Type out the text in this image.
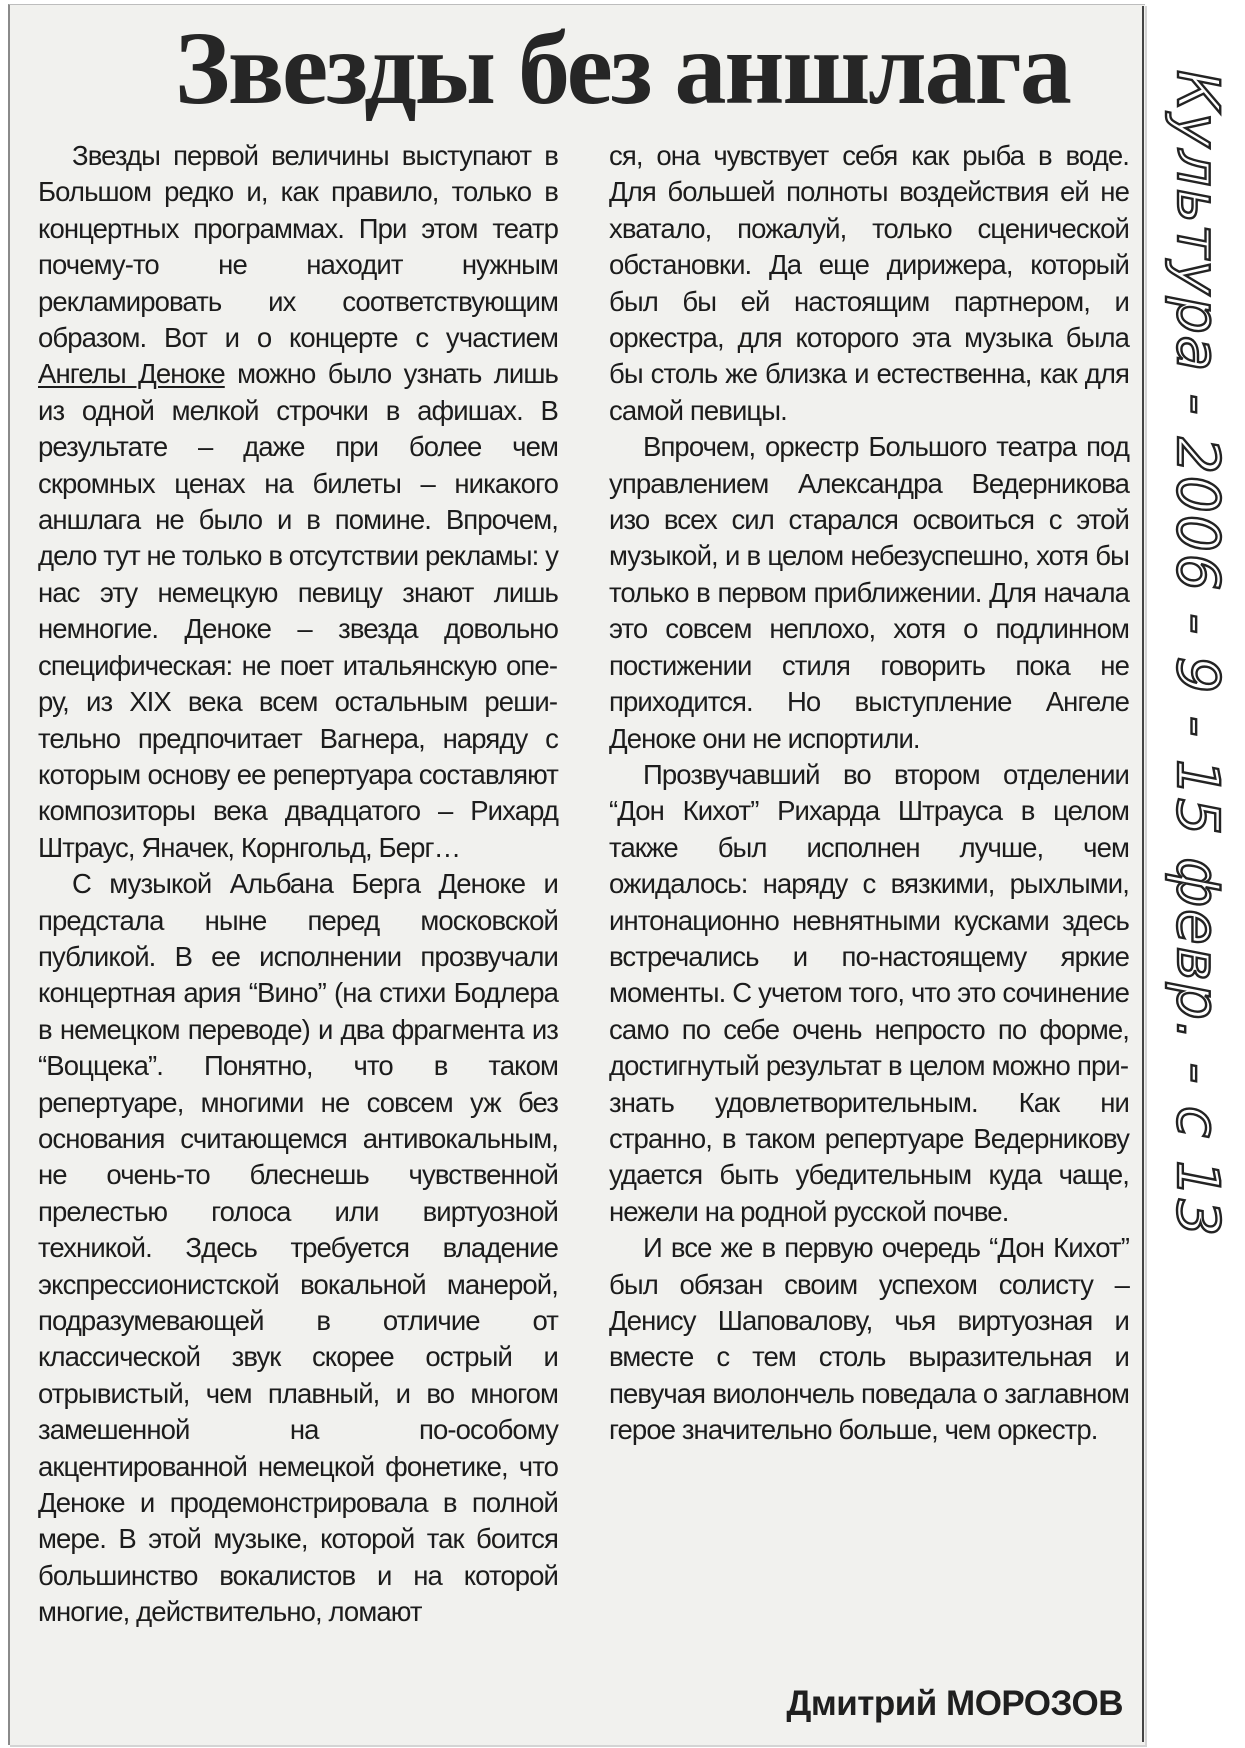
Звезды без аншлага

Звезды первой величины выступают в Большом редко и, как правило, только в концертных программах. При этом театр почему-то не находит нужным рекламировать их соответствующим образом. Вот и о концерте с участием Ангелы Деноке можно было узнать лишь из одной мелкой строчки в афишах. В результате – даже при более чем скромных ценах на билеты – никакого аншлага не было и в помине. Впрочем, дело тут не только в отсутствии рекламы: у нас эту немецкую певицу знают лишь немногие. Деноке – звезда довольно специфическая: не поет итальянскую оперу, из XIX века всем остальным решительно предпочитает Вагнера, наряду с которым основу ее репертуара составляют композиторы века двадцатого – Рихард Штраус, Яначек, Корнгольд, Берг…

С музыкой Альбана Берга Деноке и предстала ныне перед московской публикой. В ее исполнении прозвучали концертная ария “Вино” (на стихи Бодлера в немецком переводе) и два фрагмента из “Воццека”. Понятно, что в таком репертуаре, многими не совсем уж без основания считающемся антивокальным, не очень-то блеснешь чувственной прелестью голоса или виртуозной техникой. Здесь требуется владение экспрессионистской вокальной манерой, подразумевающей в отличие от классической звук скорее острый и отрывистый, чем плавный, и во многом замешенной на по-особому акцентированной немецкой фонетике, что Деноке и продемонстрировала в полной мере. В этой музыке, которой так боится большинство вокалистов и на которой многие, действительно, ломают

ся, она чувствует себя как рыба в воде. Для большей полноты воздействия ей не хватало, пожалуй, только сценической обстановки. Да еще дирижера, который был бы ей настоящим партнером, и оркестра, для которого эта музыка была бы столь же близка и естественна, как для самой певицы.

Впрочем, оркестр Большого театра под управлением Александра Ведерникова изо всех сил старался освоиться с этой музыкой, и в целом небезуспешно, хотя бы только в первом приближении. Для начала это совсем неплохо, хотя о подлинном постижении стиля говорить пока не приходится. Но выступление Ангеле Деноке они не испортили.

Прозвучавший во втором отделении “Дон Кихот” Рихарда Штрауса в целом также был исполнен лучше, чем ожидалось: наряду с вязкими, рыхлыми, интонационно невнятными кусками здесь встречались и по-настоящему яркие моменты. С учетом того, что это сочинение само по себе очень непросто по форме, достигнутый результат в целом можно признать удовлетворительным. Как ни странно, в таком репертуаре Ведерникову удается быть убедительным куда чаще, нежели на родной русской почве.

И все же в первую очередь “Дон Кихот” был обязан своим успехом солисту – Денису Шаповалову, чья виртуозная и вместе с тем столь выразительная и певучая виолончель поведала о заглавном герое значительно больше, чем оркестр.

Дмитрий МОРОЗОВ

Культура - 2006 - 9 - 15 февр. - с 13
